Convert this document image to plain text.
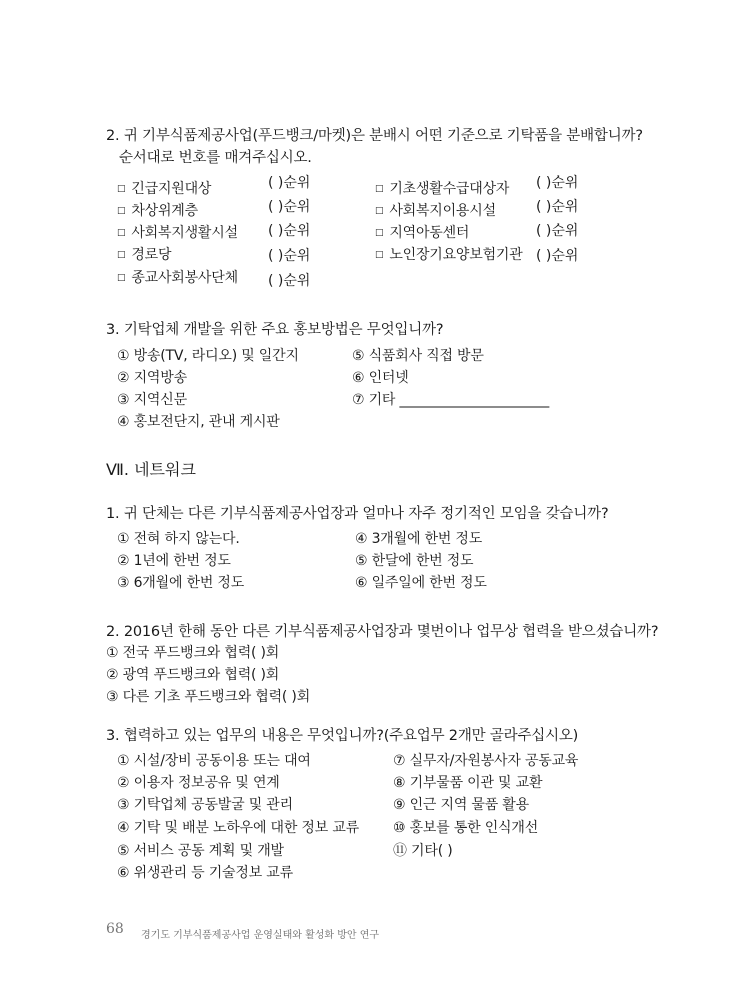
2. 귀 기부식품제공사업(푸드뱅크/마켓)은 분배시 어떤 기준으로 기탁품을 분배합니까?
순서대로 번호를 매겨주십시오.
□ 긴급지원대상
□ 차상위계층
□ 사회복지생활시설
□ 경로당
□ 종교사회봉사단체
( )순위
( )순위
( )순위
( )순위
( )순위
□ 기초생활수급대상자
□ 사회복지이용시설
□ 지역아동센터
□ 노인장기요양보험기관
( )순위
( )순위
( )순위
( )순위
3. 기탁업체 개발을 위한 주요 홍보방법은 무엇입니까?
① 방송(TV, 라디오) 및 일간지
② 지역방송
③ 지역신문
④ 홍보전단지, 관내 게시판
⑤ 식품회사 직접 방문
⑥ 인터넷
⑦ 기타 ______________________
Ⅶ. 네트워크
1. 귀 단체는 다른 기부식품제공사업장과 얼마나 자주 정기적인 모임을 갖습니까?
① 전혀 하지 않는다.
② 1년에 한번 정도
③ 6개월에 한번 정도
④ 3개월에 한번 정도
⑤ 한달에 한번 정도
⑥ 일주일에 한번 정도
2. 2016년 한해 동안 다른 기부식품제공사업장과 몇번이나 업무상 협력을 받으셨습니까?
① 전국 푸드뱅크와 협력( )회
② 광역 푸드뱅크와 협력( )회
③ 다른 기초 푸드뱅크와 협력( )회
3. 협력하고 있는 업무의 내용은 무엇입니까?(주요업무 2개만 골라주십시오)
① 시설/장비 공동이용 또는 대여
② 이용자 정보공유 및 연계
③ 기탁업체 공동발굴 및 관리
④ 기탁 및 배분 노하우에 대한 정보 교류
⑤ 서비스 공동 계획 및 개발
⑥ 위생관리 등 기술정보 교류
⑦ 실무자/자원봉사자 공동교육
⑧ 기부물품 이관 및 교환
⑨ 인근 지역 물품 활용
⑩ 홍보를 통한 인식개선
⑪ 기타( )
68 경기도 기부식품제공사업 운영실태와 활성화 방안 연구
